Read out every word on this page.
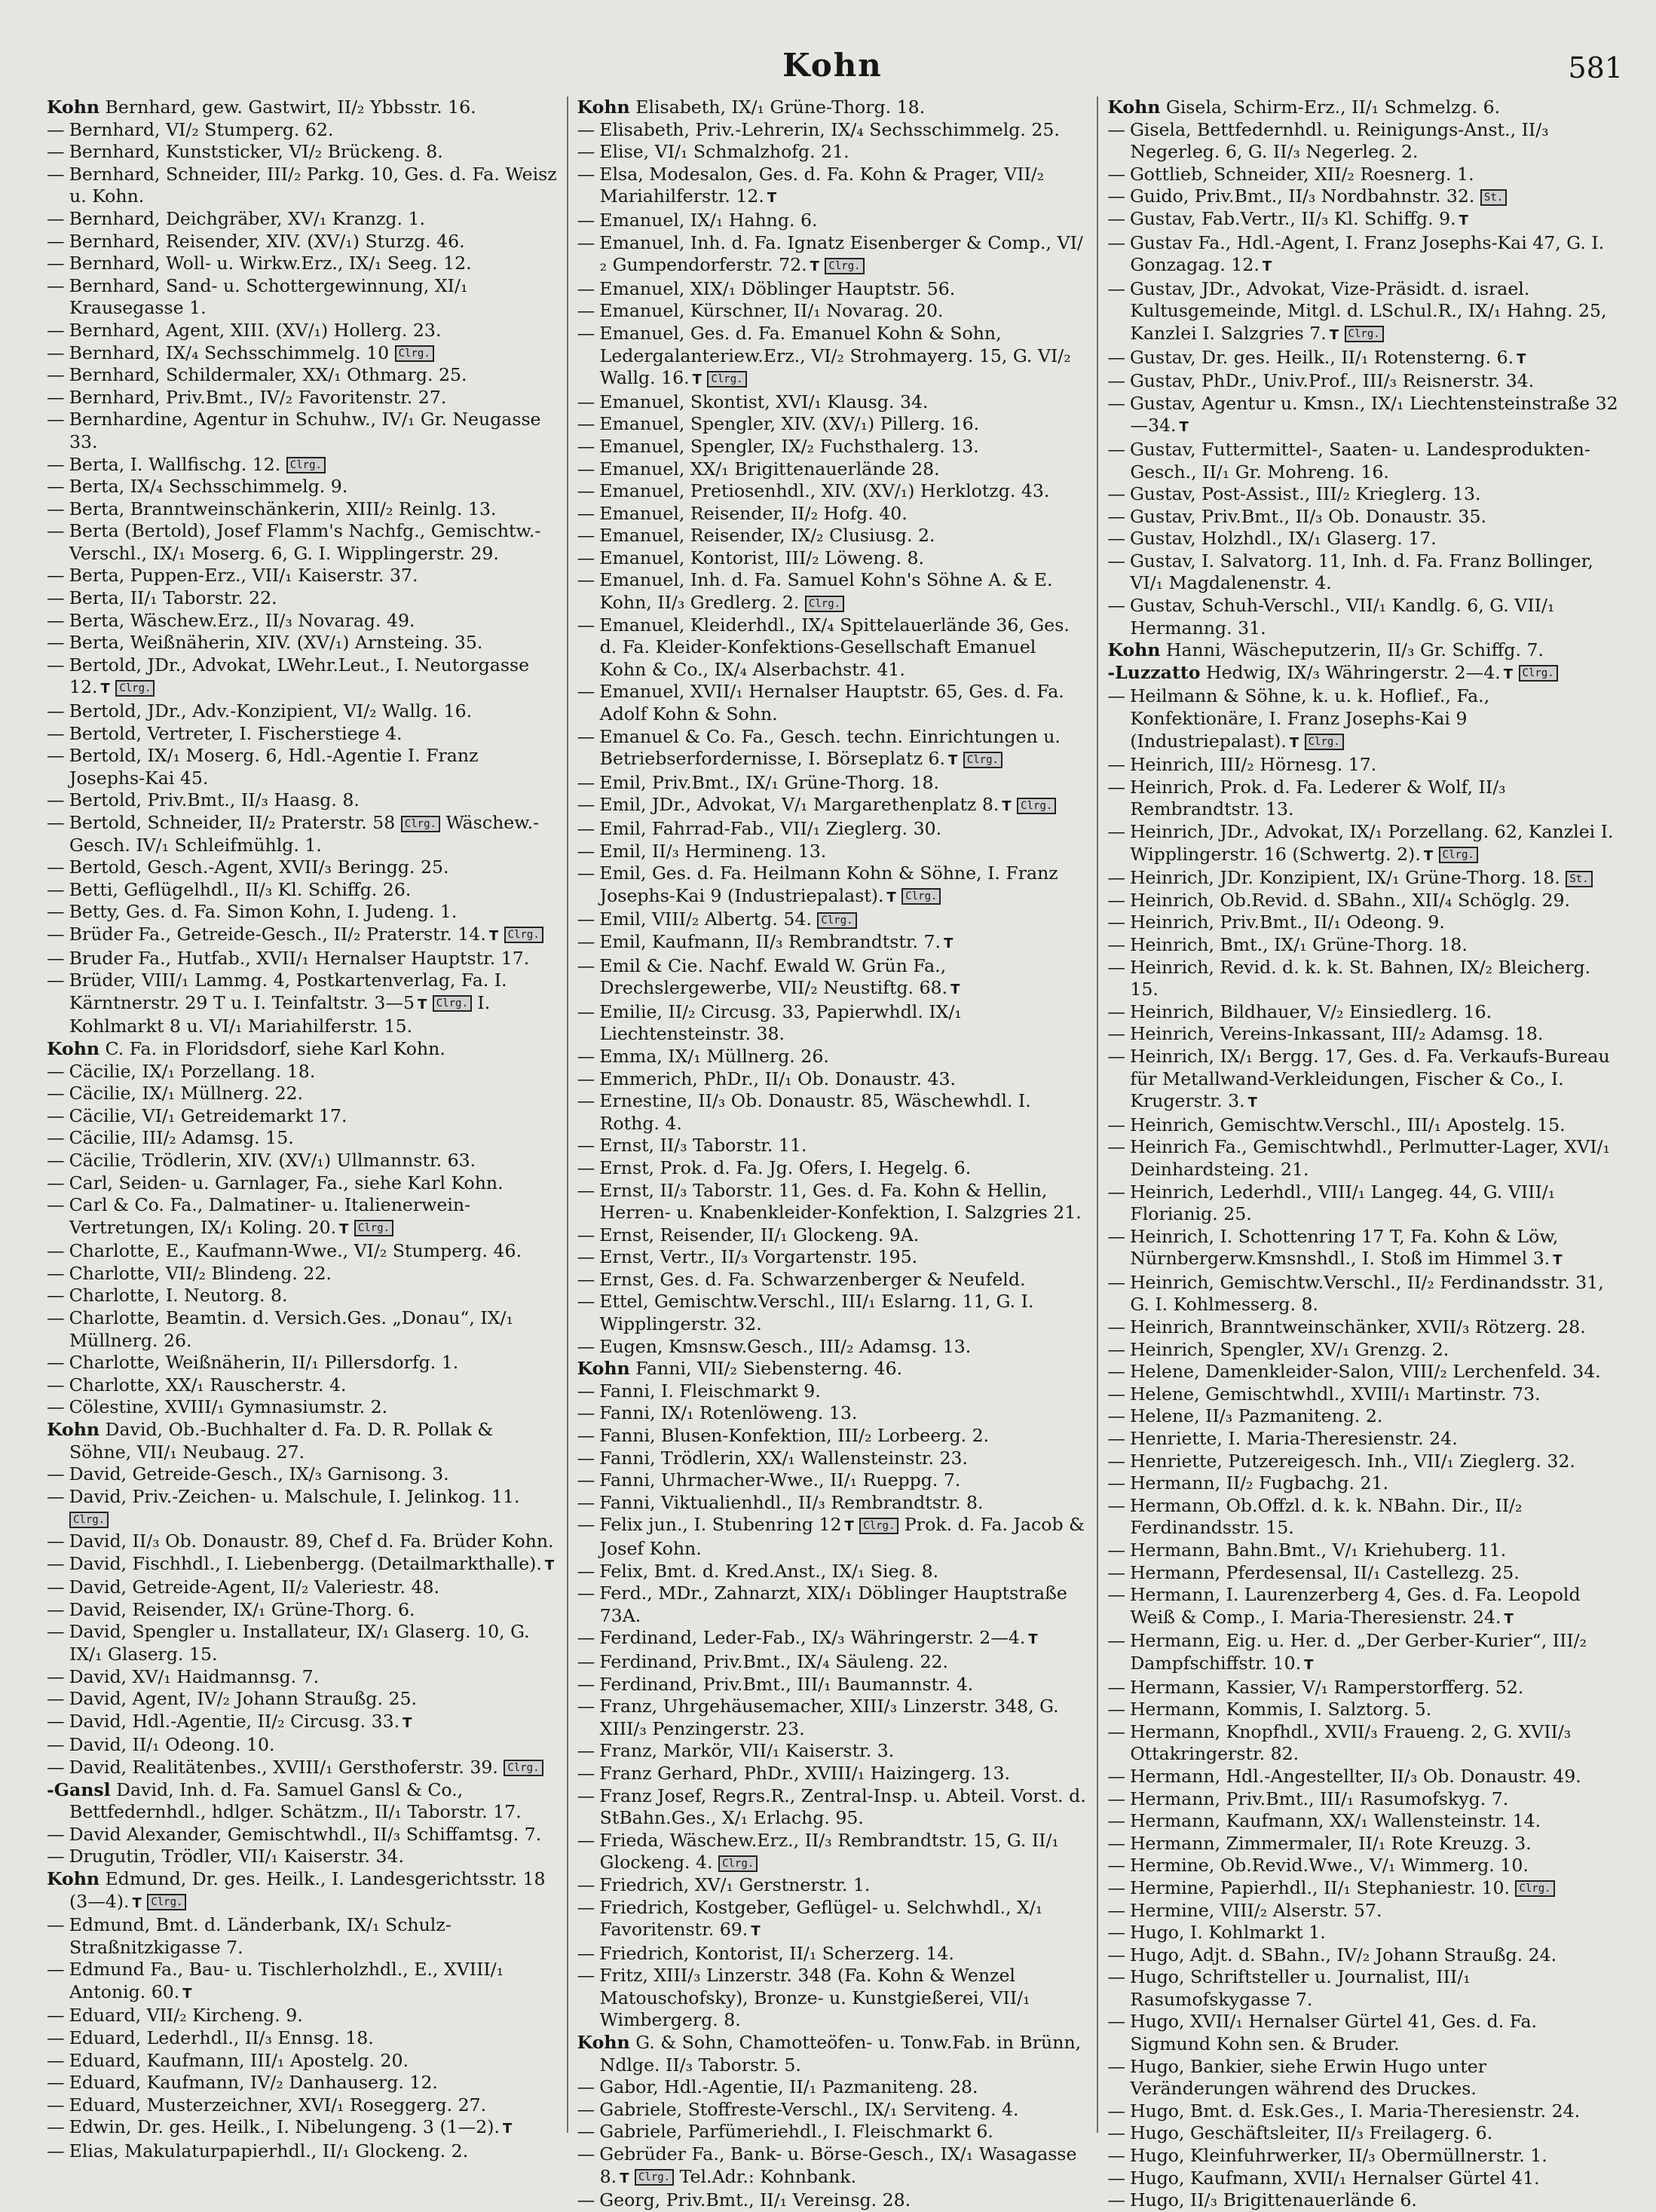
Kohn	581
Kohn Bernhard, gew. Gastwirt, II/₂ Ybbsstr. 16.
— Bernhard, VI/₂ Stumperg. 62.
— Bernhard, Kunststicker, VI/₂ Brückeng. 8.
— Bernhard, Schneider, III/₂ Parkg. 10, Ges. d. Fa. Weisz u. Kohn.
— Bernhard, Deichgräber, XV/₁ Kranzg. 1.
— Bernhard, Reisender, XIV. (XV/₁) Sturzg. 46.
— Bernhard, Woll- u. Wirkw.Erz., IX/₁ Seeg. 12.
— Bernhard, Sand- u. Schottergewinnung, XI/₁ Krausegasse 1.
— Bernhard, Agent, XIII. (XV/₁) Hollerg. 23.
— Bernhard, IX/₄ Sechsschimmelg. 10 Clrg.
— Bernhard, Schildermaler, XX/₁ Othmarg. 25.
— Bernhard, Priv.Bmt., IV/₂ Favoritenstr. 27.
— Bernhardine, Agentur in Schuhw., IV/₁ Gr. Neugasse 33.
— Berta, I. Wallfischg. 12. Clrg.
— Berta, IX/₄ Sechsschimmelg. 9.
— Berta, Branntweinschänkerin, XIII/₂ Reinlg. 13.
— Berta (Bertold), Josef Flamm's Nachfg., Gemischtw.-Verschl., IX/₁ Moserg. 6, G. I. Wipplingerstr. 29.
— Berta, Puppen-Erz., VII/₁ Kaiserstr. 37.
— Berta, II/₁ Taborstr. 22.
— Berta, Wäschew.Erz., II/₃ Novarag. 49.
— Berta, Weißnäherin, XIV. (XV/₁) Arnsteing. 35.
— Bertold, JDr., Advokat, LWehr.Leut., I. Neutorgasse 12. T Clrg.
— Bertold, JDr., Adv.-Konzipient, VI/₂ Wallg. 16.
— Bertold, Vertreter, I. Fischerstiege 4.
— Bertold, IX/₁ Moserg. 6, Hdl.-Agentie I. Franz Josephs-Kai 45.
— Bertold, Priv.Bmt., II/₃ Haasg. 8.
— Bertold, Schneider, II/₂ Praterstr. 58 Clrg. Wäschew.-Gesch. IV/₁ Schleifmühlg. 1.
— Bertold, Gesch.-Agent, XVII/₃ Beringg. 25.
— Betti, Geflügelhdl., II/₃ Kl. Schiffg. 26.
— Betty, Ges. d. Fa. Simon Kohn, I. Judeng. 1.
— Brüder Fa., Getreide-Gesch., II/₂ Praterstr. 14. T Clrg.
— Bruder Fa., Hutfab., XVII/₁ Hernalser Hauptstr. 17.
— Brüder, VIII/₁ Lammg. 4, Postkartenverlag, Fa. I. Kärntnerstr. 29 T u. I. Teinfaltstr. 3—5 T Clrg. I. Kohlmarkt 8 u. VI/₁ Mariahilferstr. 15.
Kohn C. Fa. in Floridsdorf, siehe Karl Kohn.
— Cäcilie, IX/₁ Porzellang. 18.
— Cäcilie, IX/₁ Müllnerg. 22.
— Cäcilie, VI/₁ Getreidemarkt 17.
— Cäcilie, III/₂ Adamsg. 15.
— Cäcilie, Trödlerin, XIV. (XV/₁) Ullmannstr. 63.
— Carl, Seiden- u. Garnlager, Fa., siehe Karl Kohn.
— Carl & Co. Fa., Dalmatiner- u. Italienerwein-Vertretungen, IX/₁ Koling. 20. T Clrg.
— Charlotte, E., Kaufmann-Wwe., VI/₂ Stumperg. 46.
— Charlotte, VII/₂ Blindeng. 22.
— Charlotte, I. Neutorg. 8.
— Charlotte, Beamtin. d. Versich.Ges. „Donau“, IX/₁ Müllnerg. 26.
— Charlotte, Weißnäherin, II/₁ Pillersdorfg. 1.
— Charlotte, XX/₁ Rauscherstr. 4.
— Cölestine, XVIII/₁ Gymnasiumstr. 2.
Kohn David, Ob.-Buchhalter d. Fa. D. R. Pollak & Söhne, VII/₁ Neubaug. 27.
— David, Getreide-Gesch., IX/₃ Garnisong. 3.
— David, Priv.-Zeichen- u. Malschule, I. Jelinkog. 11. Clrg.
— David, II/₃ Ob. Donaustr. 89, Chef d. Fa. Brüder Kohn.
— David, Fischhdl., I. Liebenbergg. (Detailmarkthalle). T
— David, Getreide-Agent, II/₂ Valeriestr. 48.
— David, Reisender, IX/₁ Grüne-Thorg. 6.
— David, Spengler u. Installateur, IX/₁ Glaserg. 10, G. IX/₁ Glaserg. 15.
— David, XV/₁ Haidmannsg. 7.
— David, Agent, IV/₂ Johann Straußg. 25.
— David, Hdl.-Agentie, II/₂ Circusg. 33. T
— David, II/₁ Odeong. 10.
— David, Realitätenbes., XVIII/₁ Gersthoferstr. 39. Clrg.
-Gansl David, Inh. d. Fa. Samuel Gansl & Co., Bettfedernhdl., hdlger. Schätzm., II/₁ Taborstr. 17.
— David Alexander, Gemischtwhdl., II/₃ Schiffamtsg. 7.
— Drugutin, Trödler, VII/₁ Kaiserstr. 34.
Kohn Edmund, Dr. ges. Heilk., I. Landesgerichtsstr. 18 (3—4). T Clrg.
— Edmund, Bmt. d. Länderbank, IX/₁ Schulz-Straßnitzkigasse 7.
— Edmund Fa., Bau- u. Tischlerholzhdl., E., XVIII/₁ Antonig. 60. T
— Eduard, VII/₂ Kircheng. 9.
— Eduard, Lederhdl., II/₃ Ennsg. 18.
— Eduard, Kaufmann, III/₁ Apostelg. 20.
— Eduard, Kaufmann, IV/₂ Danhauserg. 12.
— Eduard, Musterzeichner, XVI/₁ Roseggerg. 27.
— Edwin, Dr. ges. Heilk., I. Nibelungeng. 3 (1—2). T
— Elias, Makulaturpapierhdl., II/₁ Glockeng. 2.
Kohn Elisabeth, IX/₁ Grüne-Thorg. 18.
— Elisabeth, Priv.-Lehrerin, IX/₄ Sechsschimmelg. 25.
— Elise, VI/₁ Schmalzhofg. 21.
— Elsa, Modesalon, Ges. d. Fa. Kohn & Prager, VII/₂ Mariahilferstr. 12. T
— Emanuel, IX/₁ Hahng. 6.
— Emanuel, Inh. d. Fa. Ignatz Eisenberger & Comp., VI/₂ Gumpendorferstr. 72. T Clrg.
— Emanuel, XIX/₁ Döblinger Hauptstr. 56.
— Emanuel, Kürschner, II/₁ Novarag. 20.
— Emanuel, Ges. d. Fa. Emanuel Kohn & Sohn, Ledergalanteriew.Erz., VI/₂ Strohmayerg. 15, G. VI/₂ Wallg. 16. T Clrg.
— Emanuel, Skontist, XVI/₁ Klausg. 34.
— Emanuel, Spengler, XIV. (XV/₁) Pillerg. 16.
— Emanuel, Spengler, IX/₂ Fuchsthalerg. 13.
— Emanuel, XX/₁ Brigittenauerlände 28.
— Emanuel, Pretiosenhdl., XIV. (XV/₁) Herklotzg. 43.
— Emanuel, Reisender, II/₂ Hofg. 40.
— Emanuel, Reisender, IX/₂ Clusiusg. 2.
— Emanuel, Kontorist, III/₂ Löweng. 8.
— Emanuel, Inh. d. Fa. Samuel Kohn's Söhne A. & E. Kohn, II/₃ Gredlerg. 2. Clrg.
— Emanuel, Kleiderhdl., IX/₄ Spittelauerlände 36, Ges. d. Fa. Kleider-Konfektions-Gesellschaft Emanuel Kohn & Co., IX/₄ Alserbachstr. 41.
— Emanuel, XVII/₁ Hernalser Hauptstr. 65, Ges. d. Fa. Adolf Kohn & Sohn.
— Emanuel & Co. Fa., Gesch. techn. Einrichtungen u. Betriebserfordernisse, I. Börseplatz 6. T Clrg.
— Emil, Priv.Bmt., IX/₁ Grüne-Thorg. 18.
— Emil, JDr., Advokat, V/₁ Margarethenplatz 8. T Clrg.
— Emil, Fahrrad-Fab., VII/₁ Zieglerg. 30.
— Emil, II/₃ Hermineng. 13.
— Emil, Ges. d. Fa. Heilmann Kohn & Söhne, I. Franz Josephs-Kai 9 (Industriepalast). T Clrg.
— Emil, VIII/₂ Albertg. 54. Clrg.
— Emil, Kaufmann, II/₃ Rembrandtstr. 7. T
— Emil & Cie. Nachf. Ewald W. Grün Fa., Drechslergewerbe, VII/₂ Neustiftg. 68. T
— Emilie, II/₂ Circusg. 33, Papierwhdl. IX/₁ Liechtensteinstr. 38.
— Emma, IX/₁ Müllnerg. 26.
— Emmerich, PhDr., II/₁ Ob. Donaustr. 43.
— Ernestine, II/₃ Ob. Donaustr. 85, Wäschewhdl. I. Rothg. 4.
— Ernst, II/₃ Taborstr. 11.
— Ernst, Prok. d. Fa. Jg. Ofers, I. Hegelg. 6.
— Ernst, II/₃ Taborstr. 11, Ges. d. Fa. Kohn & Hellin, Herren- u. Knabenkleider-Konfektion, I. Salzgries 21.
— Ernst, Reisender, II/₁ Glockeng. 9A.
— Ernst, Vertr., II/₃ Vorgartenstr. 195.
— Ernst, Ges. d. Fa. Schwarzenberger & Neufeld.
— Ettel, Gemischtw.Verschl., III/₁ Eslarng. 11, G. I. Wipplingerstr. 32.
— Eugen, Kmsnsw.Gesch., III/₂ Adamsg. 13.
Kohn Fanni, VII/₂ Siebensterng. 46.
— Fanni, I. Fleischmarkt 9.
— Fanni, IX/₁ Rotenlöweng. 13.
— Fanni, Blusen-Konfektion, III/₂ Lorbeerg. 2.
— Fanni, Trödlerin, XX/₁ Wallensteinstr. 23.
— Fanni, Uhrmacher-Wwe., II/₁ Rueppg. 7.
— Fanni, Viktualienhdl., II/₃ Rembrandtstr. 8.
— Felix jun., I. Stubenring 12 T Clrg. Prok. d. Fa. Jacob & Josef Kohn.
— Felix, Bmt. d. Kred.Anst., IX/₁ Sieg. 8.
— Ferd., MDr., Zahnarzt, XIX/₁ Döblinger Hauptstraße 73A.
— Ferdinand, Leder-Fab., IX/₃ Währingerstr. 2—4. T
— Ferdinand, Priv.Bmt., IX/₄ Säuleng. 22.
— Ferdinand, Priv.Bmt., III/₁ Baumannstr. 4.
— Franz, Uhrgehäusemacher, XIII/₃ Linzerstr. 348, G. XIII/₃ Penzingerstr. 23.
— Franz, Markör, VII/₁ Kaiserstr. 3.
— Franz Gerhard, PhDr., XVIII/₁ Haizingerg. 13.
— Franz Josef, Regrs.R., Zentral-Insp. u. Abteil. Vorst. d. StBahn.Ges., X/₁ Erlachg. 95.
— Frieda, Wäschew.Erz., II/₃ Rembrandtstr. 15, G. II/₁ Glockeng. 4. Clrg.
— Friedrich, XV/₁ Gerstnerstr. 1.
— Friedrich, Kostgeber, Geflügel- u. Selchwhdl., X/₁ Favoritenstr. 69. T
— Friedrich, Kontorist, II/₁ Scherzerg. 14.
— Fritz, XIII/₃ Linzerstr. 348 (Fa. Kohn & Wenzel Matouschofsky), Bronze- u. Kunstgießerei, VII/₁ Wimbergerg. 8.
Kohn G. & Sohn, Chamotteöfen- u. Tonw.Fab. in Brünn, Ndlge. II/₃ Taborstr. 5.
— Gabor, Hdl.-Agentie, II/₁ Pazmaniteng. 28.
— Gabriele, Stoffreste-Verschl., IX/₁ Serviteng. 4.
— Gabriele, Parfümeriehdl., I. Fleischmarkt 6.
— Gebrüder Fa., Bank- u. Börse-Gesch., IX/₁ Wasagasse 8. T Clrg. Tel.Adr.: Kohnbank.
— Georg, Priv.Bmt., II/₁ Vereinsg. 28.
Kohn Gisela, Schirm-Erz., II/₁ Schmelzg. 6.
— Gisela, Bettfedernhdl. u. Reinigungs-Anst., II/₃ Negerleg. 6, G. II/₃ Negerleg. 2.
— Gottlieb, Schneider, XII/₂ Roesnerg. 1.
— Guido, Priv.Bmt., II/₃ Nordbahnstr. 32. St.
— Gustav, Fab.Vertr., II/₃ Kl. Schiffg. 9. T
— Gustav Fa., Hdl.-Agent, I. Franz Josephs-Kai 47, G. I. Gonzagag. 12. T
— Gustav, JDr., Advokat, Vize-Präsidt. d. israel. Kultusgemeinde, Mitgl. d. LSchul.R., IX/₁ Hahng. 25, Kanzlei I. Salzgries 7. T Clrg.
— Gustav, Dr. ges. Heilk., II/₁ Rotensterng. 6. T
— Gustav, PhDr., Univ.Prof., III/₃ Reisnerstr. 34.
— Gustav, Agentur u. Kmsn., IX/₁ Liechtensteinstraße 32—34. T
— Gustav, Futtermittel-, Saaten- u. Landesprodukten-Gesch., II/₁ Gr. Mohreng. 16.
— Gustav, Post-Assist., III/₂ Krieglerg. 13.
— Gustav, Priv.Bmt., II/₃ Ob. Donaustr. 35.
— Gustav, Holzhdl., IX/₁ Glaserg. 17.
— Gustav, I. Salvatorg. 11, Inh. d. Fa. Franz Bollinger, VI/₁ Magdalenenstr. 4.
— Gustav, Schuh-Verschl., VII/₁ Kandlg. 6, G. VII/₁ Hermanng. 31.
Kohn Hanni, Wäscheputzerin, II/₃ Gr. Schiffg. 7.
-Luzzatto Hedwig, IX/₃ Währingerstr. 2—4. T Clrg.
— Heilmann & Söhne, k. u. k. Hoflief., Fa., Konfektionäre, I. Franz Josephs-Kai 9 (Industriepalast). T Clrg.
— Heinrich, III/₂ Hörnesg. 17.
— Heinrich, Prok. d. Fa. Lederer & Wolf, II/₃ Rembrandtstr. 13.
— Heinrich, JDr., Advokat, IX/₁ Porzellang. 62, Kanzlei I. Wipplingerstr. 16 (Schwertg. 2). T Clrg.
— Heinrich, JDr. Konzipient, IX/₁ Grüne-Thorg. 18. St.
— Heinrich, Ob.Revid. d. SBahn., XII/₄ Schöglg. 29.
— Heinrich, Priv.Bmt., II/₁ Odeong. 9.
— Heinrich, Bmt., IX/₁ Grüne-Thorg. 18.
— Heinrich, Revid. d. k. k. St. Bahnen, IX/₂ Bleicherg. 15.
— Heinrich, Bildhauer, V/₂ Einsiedlerg. 16.
— Heinrich, Vereins-Inkassant, III/₂ Adamsg. 18.
— Heinrich, IX/₁ Bergg. 17, Ges. d. Fa. Verkaufs-Bureau für Metallwand-Verkleidungen, Fischer & Co., I. Krugerstr. 3. T
— Heinrich, Gemischtw.Verschl., III/₁ Apostelg. 15.
— Heinrich Fa., Gemischtwhdl., Perlmutter-Lager, XVI/₁ Deinhardsteing. 21.
— Heinrich, Lederhdl., VIII/₁ Langeg. 44, G. VIII/₁ Florianig. 25.
— Heinrich, I. Schottenring 17 T, Fa. Kohn & Löw, Nürnbergerw.Kmsnshdl., I. Stoß im Himmel 3. T
— Heinrich, Gemischtw.Verschl., II/₂ Ferdinandsstr. 31, G. I. Kohlmesserg. 8.
— Heinrich, Branntweinschänker, XVII/₃ Rötzerg. 28.
— Heinrich, Spengler, XV/₁ Grenzg. 2.
— Helene, Damenkleider-Salon, VIII/₂ Lerchenfeld. 34.
— Helene, Gemischtwhdl., XVIII/₁ Martinstr. 73.
— Helene, II/₃ Pazmaniteng. 2.
— Henriette, I. Maria-Theresienstr. 24.
— Henriette, Putzereigesch. Inh., VII/₁ Zieglerg. 32.
— Hermann, II/₂ Fugbachg. 21.
— Hermann, Ob.Offzl. d. k. k. NBahn. Dir., II/₂ Ferdinandsstr. 15.
— Hermann, Bahn.Bmt., V/₁ Kriehuberg. 11.
— Hermann, Pferdesensal, II/₁ Castellezg. 25.
— Hermann, I. Laurenzerberg 4, Ges. d. Fa. Leopold Weiß & Comp., I. Maria-Theresienstr. 24. T
— Hermann, Eig. u. Her. d. „Der Gerber-Kurier“, III/₂ Dampfschiffstr. 10. T
— Hermann, Kassier, V/₁ Ramperstorfferg. 52.
— Hermann, Kommis, I. Salztorg. 5.
— Hermann, Knopfhdl., XVII/₃ Fraueng. 2, G. XVII/₃ Ottakringerstr. 82.
— Hermann, Hdl.-Angestellter, II/₃ Ob. Donaustr. 49.
— Hermann, Priv.Bmt., III/₁ Rasumofskyg. 7.
— Hermann, Kaufmann, XX/₁ Wallensteinstr. 14.
— Hermann, Zimmermaler, II/₁ Rote Kreuzg. 3.
— Hermine, Ob.Revid.Wwe., V/₁ Wimmerg. 10.
— Hermine, Papierhdl., II/₁ Stephaniestr. 10. Clrg.
— Hermine, VIII/₂ Alserstr. 57.
— Hugo, I. Kohlmarkt 1.
— Hugo, Adjt. d. SBahn., IV/₂ Johann Straußg. 24.
— Hugo, Schriftsteller u. Journalist, III/₁ Rasumofskygasse 7.
— Hugo, XVII/₁ Hernalser Gürtel 41, Ges. d. Fa. Sigmund Kohn sen. & Bruder.
— Hugo, Bankier, siehe Erwin Hugo unter Veränderungen während des Druckes.
— Hugo, Bmt. d. Esk.Ges., I. Maria-Theresienstr. 24.
— Hugo, Geschäftsleiter, II/₃ Freilagerg. 6.
— Hugo, Kleinfuhrwerker, II/₃ Obermüllnerstr. 1.
— Hugo, Kaufmann, XVII/₁ Hernalser Gürtel 41.
— Hugo, II/₃ Brigittenauerlände 6.
